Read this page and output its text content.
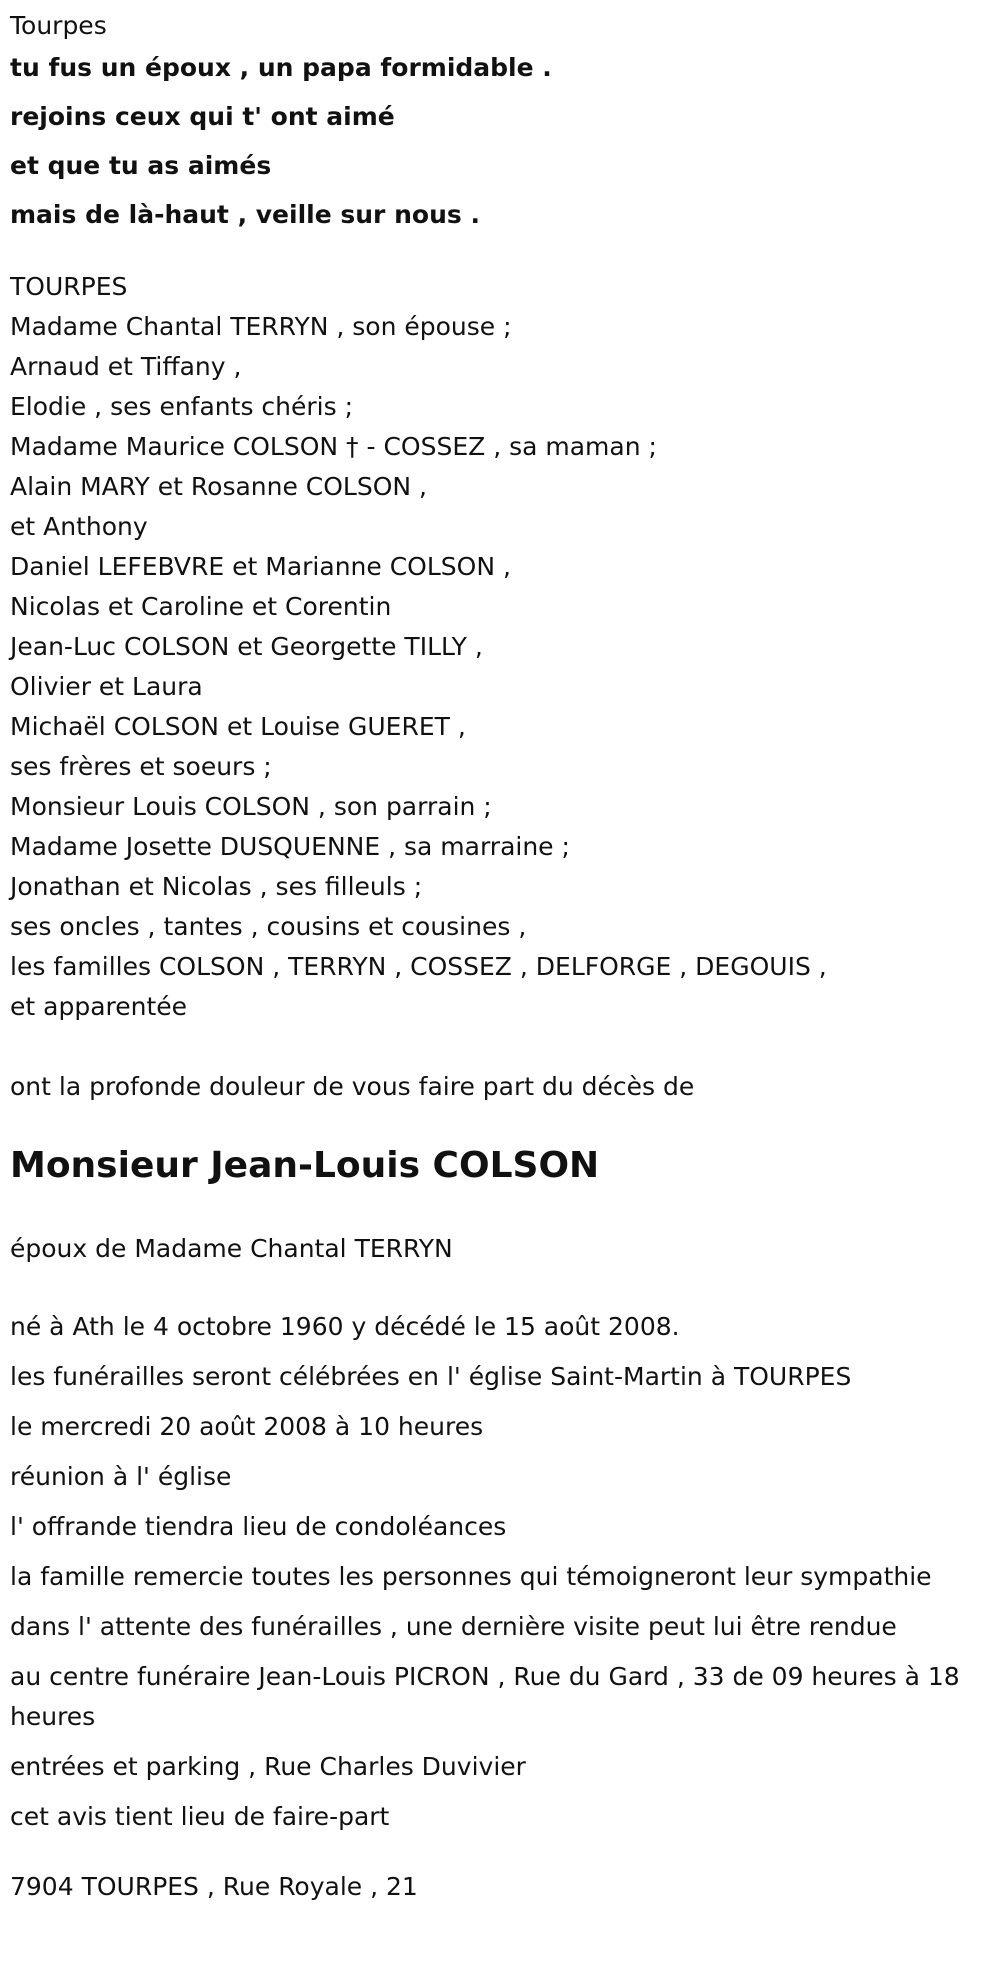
Tourpes

tu fus un époux , un papa formidable .

rejoins ceux qui t' ont aimé

et que tu as aimés

mais de là-haut , veille sur nous .

TOURPES

Madame Chantal TERRYN , son épouse ;

Arnaud et Tiffany ,

Elodie , ses enfants chéris ;

Madame Maurice COLSON † - COSSEZ , sa maman ;

Alain MARY et Rosanne COLSON ,

et Anthony

Daniel LEFEBVRE et Marianne COLSON ,

Nicolas et Caroline et Corentin

Jean-Luc COLSON et Georgette TILLY ,

Olivier et Laura

Michaël COLSON et Louise GUERET ,

ses frères et soeurs ;

Monsieur Louis COLSON , son parrain ;

Madame Josette DUSQUENNE , sa marraine ;

Jonathan et Nicolas , ses filleuls ;

ses oncles , tantes , cousins et cousines ,

les familles COLSON , TERRYN , COSSEZ , DELFORGE , DEGOUIS ,

et apparentée

ont la profonde douleur de vous faire part du décès de

Monsieur Jean-Louis COLSON

époux de Madame Chantal TERRYN

né à Ath le 4 octobre 1960 y décédé le 15 août 2008.

les funérailles seront célébrées en l' église Saint-Martin à TOURPES

le mercredi 20 août 2008 à 10 heures

réunion à l' église

l' offrande tiendra lieu de condoléances

la famille remercie toutes les personnes qui témoigneront leur sympathie

dans l' attente des funérailles , une dernière visite peut lui être rendue

au centre funéraire Jean-Louis PICRON , Rue du Gard , 33 de 09 heures à 18 heures

entrées et parking , Rue Charles Duvivier

cet avis tient lieu de faire-part

7904 TOURPES , Rue Royale , 21
